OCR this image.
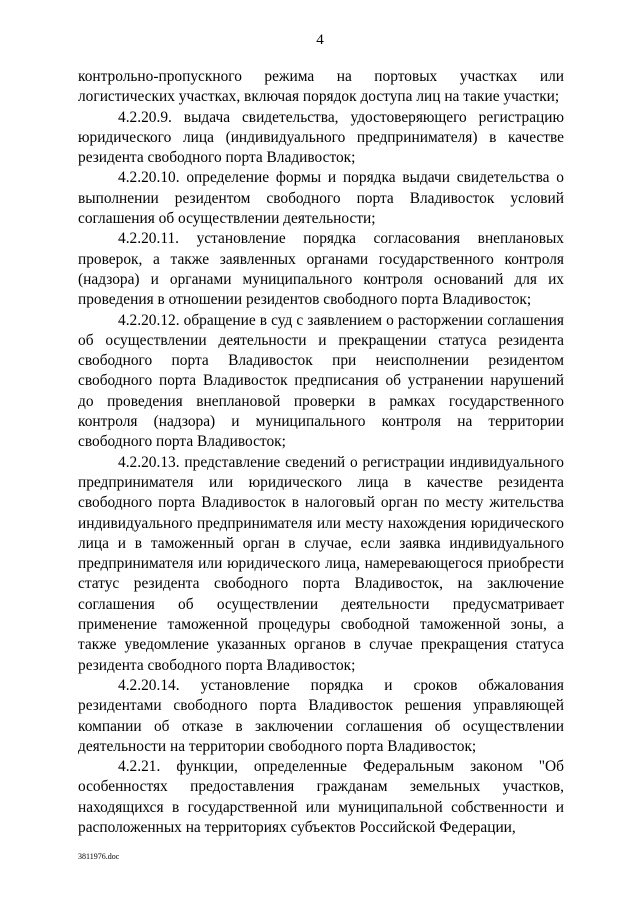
4

контрольно-пропускного режима на портовых участках или логистических участках, включая порядок доступа лиц на такие участки;

4.2.20.9. выдача свидетельства, удостоверяющего регистрацию юридического лица (индивидуального предпринимателя) в качестве резидента свободного порта Владивосток;

4.2.20.10. определение формы и порядка выдачи свидетельства о выполнении резидентом свободного порта Владивосток условий соглашения об осуществлении деятельности;

4.2.20.11. установление порядка согласования внеплановых проверок, а также заявленных органами государственного контроля (надзора) и органами муниципального контроля оснований для их проведения в отношении резидентов свободного порта Владивосток;

4.2.20.12. обращение в суд с заявлением о расторжении соглашения об осуществлении деятельности и прекращении статуса резидента свободного порта Владивосток при неисполнении резидентом свободного порта Владивосток предписания об устранении нарушений до проведения внеплановой проверки в рамках государственного контроля (надзора) и муниципального контроля на территории свободного порта Владивосток;

4.2.20.13. представление сведений о регистрации индивидуального предпринимателя или юридического лица в качестве резидента свободного порта Владивосток в налоговый орган по месту жительства индивидуального предпринимателя или месту нахождения юридического лица и в таможенный орган в случае, если заявка индивидуального предпринимателя или юридического лица, намеревающегося приобрести статус резидента свободного порта Владивосток, на заключение соглашения об осуществлении деятельности предусматривает применение таможенной процедуры свободной таможенной зоны, а также уведомление указанных органов в случае прекращения статуса резидента свободного порта Владивосток;

4.2.20.14. установление порядка и сроков обжалования резидентами свободного порта Владивосток решения управляющей компании об отказе в заключении соглашения об осуществлении деятельности на территории свободного порта Владивосток;

4.2.21. функции, определенные Федеральным законом "Об особенностях предоставления гражданам земельных участков, находящихся в государственной или муниципальной собственности и расположенных на территориях субъектов Российской Федерации,

3811976.doc
